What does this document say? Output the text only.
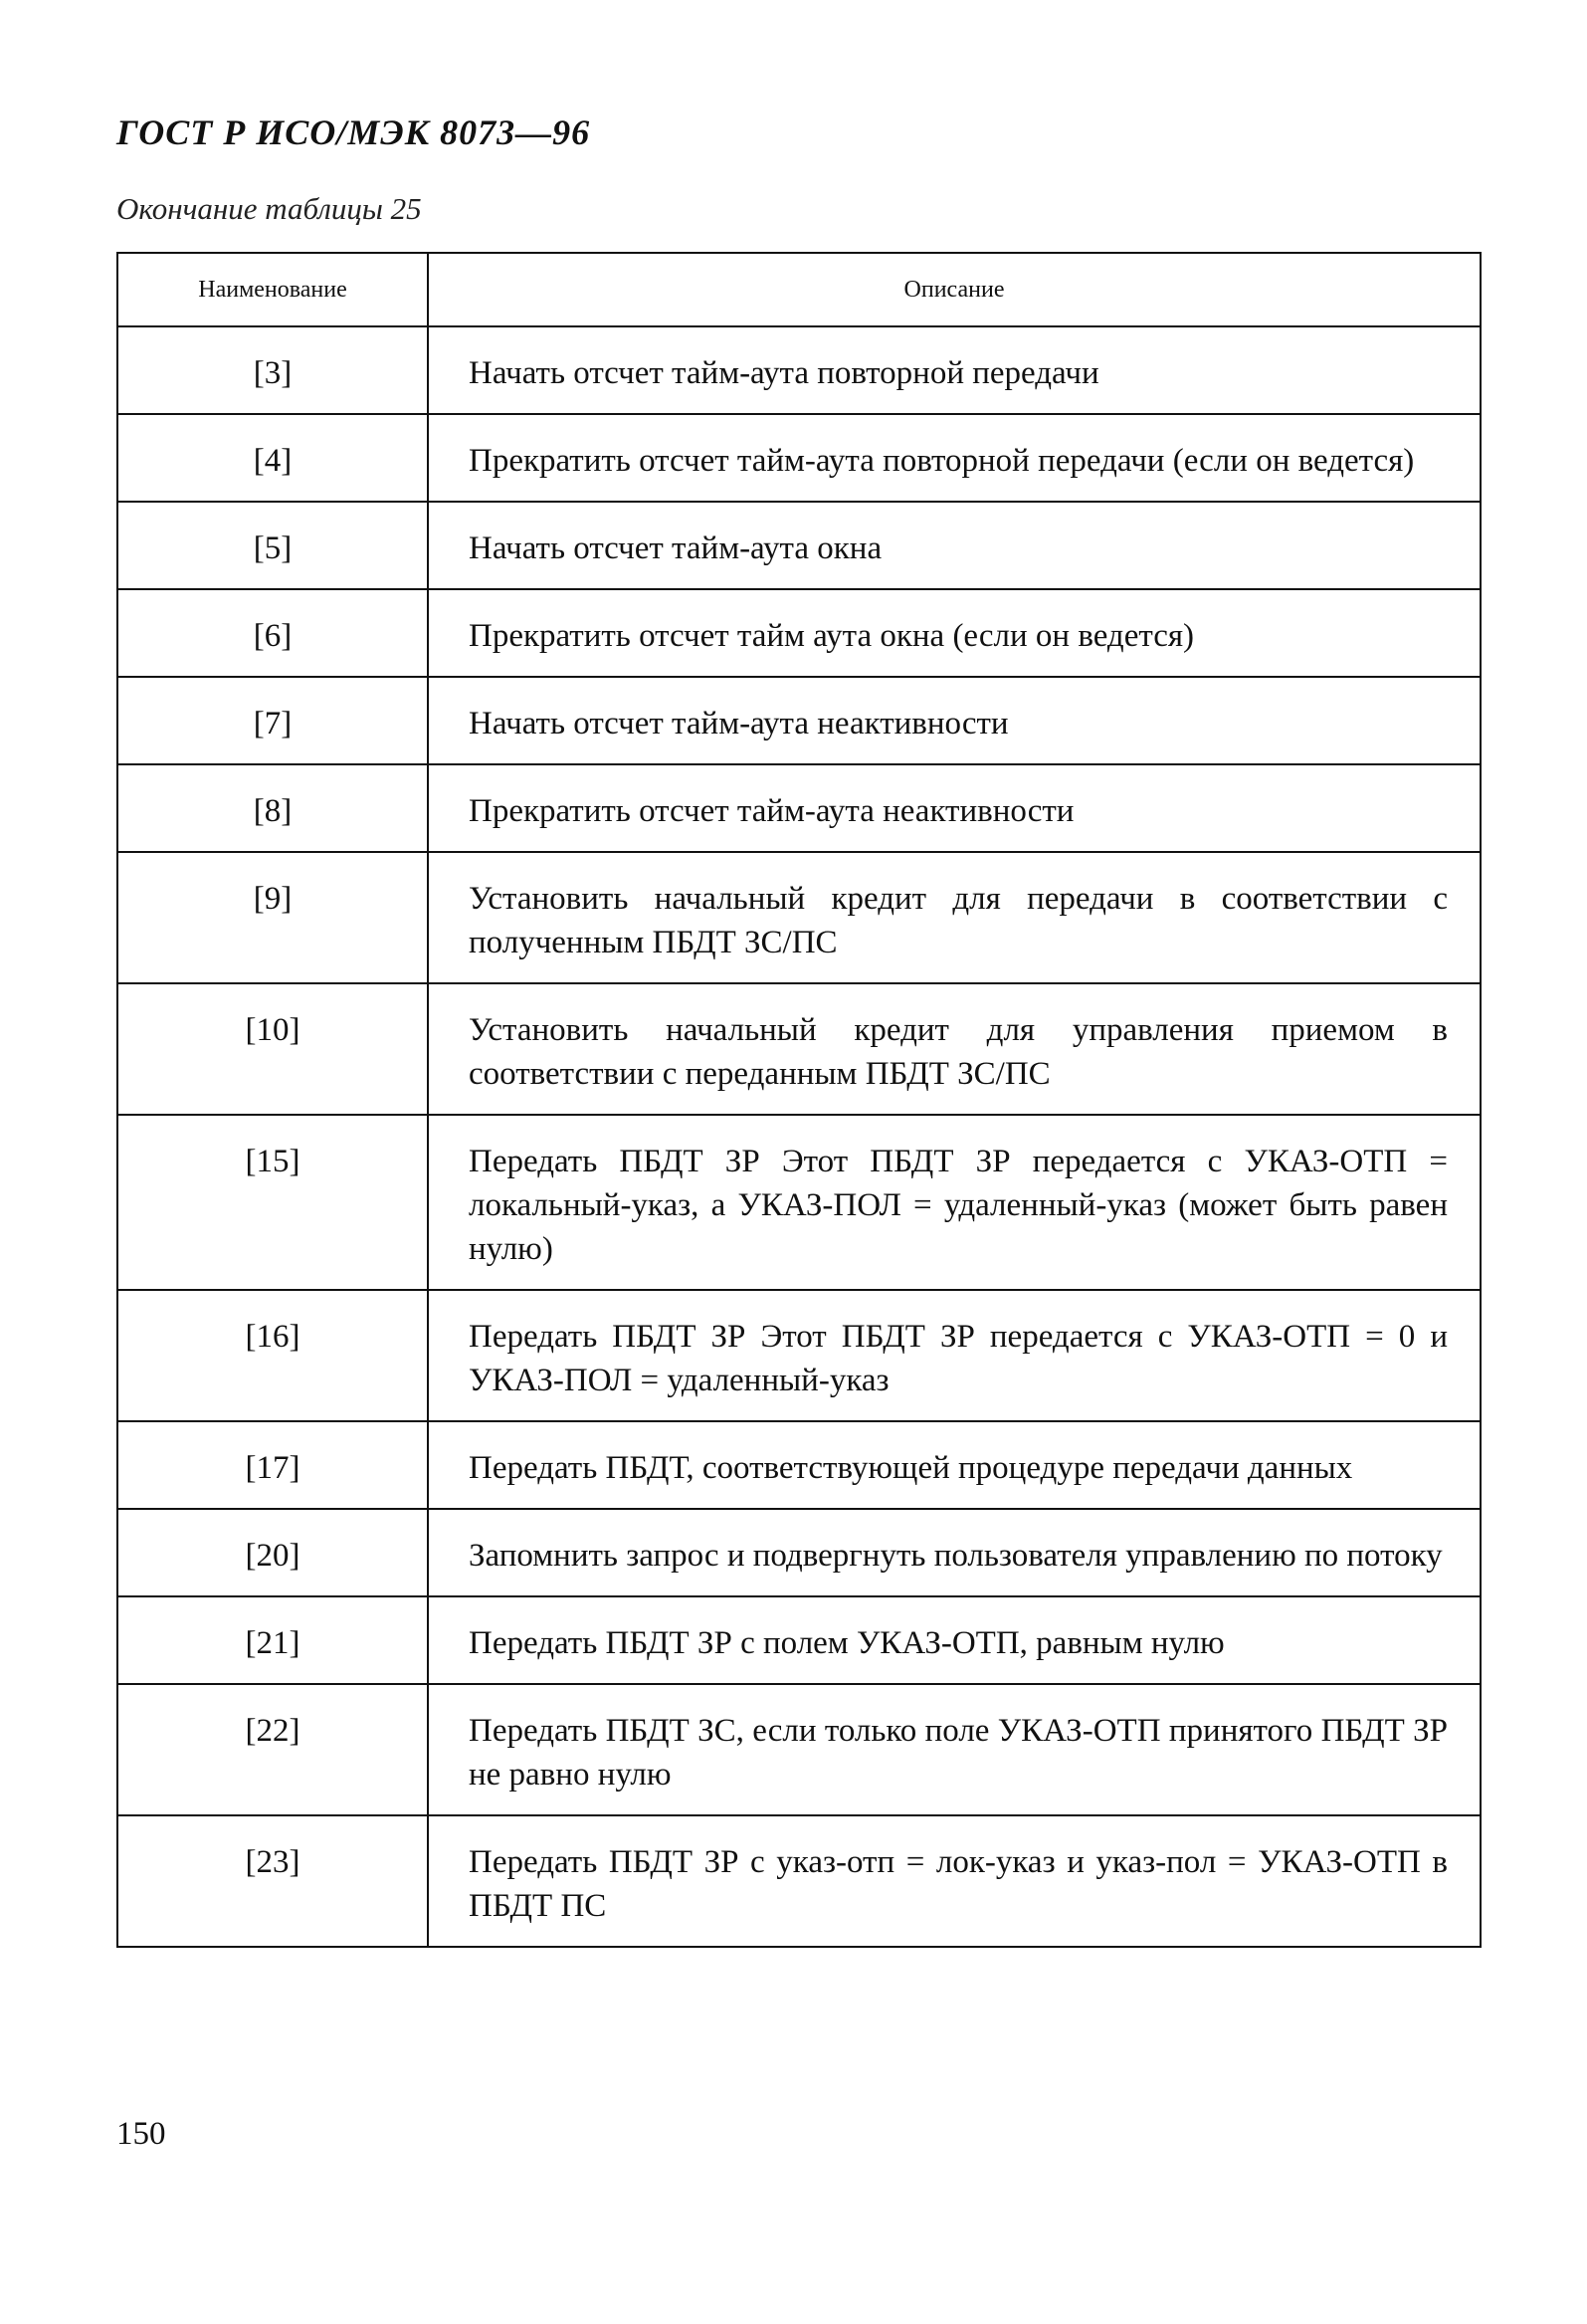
ГОСТ Р ИСО/МЭК 8073—96
Окончание таблицы 25
Наименование	Описание
[3]	Начать отсчет тайм-аута повторной передачи
[4]	Прекратить отсчет тайм-аута повторной передачи (если он ведется)
[5]	Начать отсчет тайм-аута окна
[6]	Прекратить отсчет тайм аута окна (если он ведется)
[7]	Начать отсчет тайм-аута неактивности
[8]	Прекратить отсчет тайм-аута неактивности
[9]	Установить начальный кредит для передачи в соответствии с полученным ПБДТ ЗС/ПС
[10]	Установить начальный кредит для управления приемом в соответствии с переданным ПБДТ ЗС/ПС
[15]	Передать ПБДТ ЗР Этот ПБДТ ЗР передается с УКАЗ-ОТП = локальный-указ, а УКАЗ-ПОЛ = удаленный-указ (может быть равен нулю)
[16]	Передать ПБДТ ЗР Этот ПБДТ ЗР передается с УКАЗ-ОТП = 0 и УКАЗ-ПОЛ = удаленный-указ
[17]	Передать ПБДТ, соответствующей процедуре передачи данных
[20]	Запомнить запрос и подвергнуть пользователя управлению по потоку
[21]	Передать ПБДТ ЗР с полем УКАЗ-ОТП, равным нулю
[22]	Передать ПБДТ ЗС, если только поле УКАЗ-ОТП принятого ПБДТ ЗР не равно нулю
[23]	Передать ПБДТ ЗР с указ-отп = лок-указ и указ-пол = УКАЗ-ОТП в ПБДТ ПС
150
